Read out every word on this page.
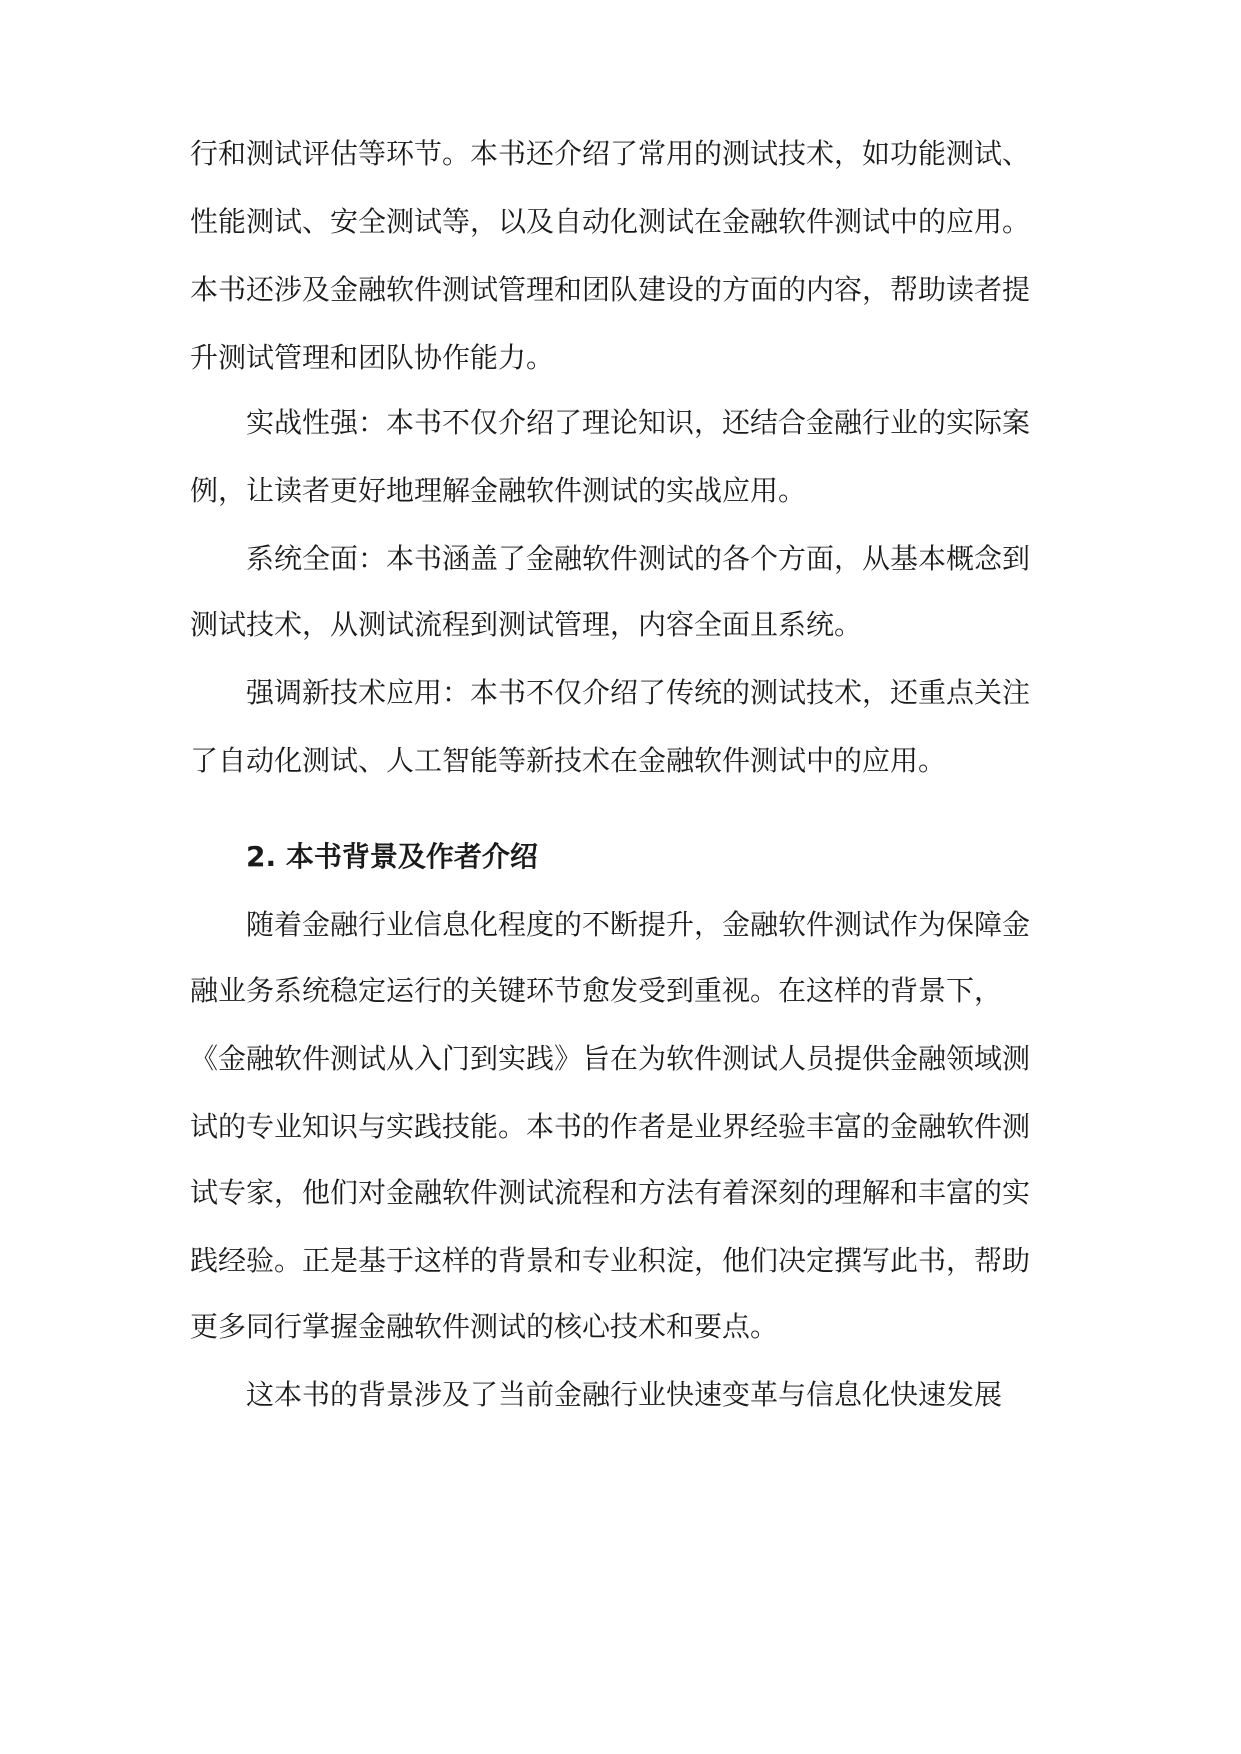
行和测试评估等环节。本书还介绍了常用的测试技术，如功能测试、
性能测试、安全测试等，以及自动化测试在金融软件测试中的应用。
本书还涉及金融软件测试管理和团队建设的方面的内容，帮助读者提
升测试管理和团队协作能力。
实战性强：本书不仅介绍了理论知识，还结合金融行业的实际案
例，让读者更好地理解金融软件测试的实战应用。
系统全面：本书涵盖了金融软件测试的各个方面，从基本概念到
测试技术，从测试流程到测试管理，内容全面且系统。
强调新技术应用：本书不仅介绍了传统的测试技术，还重点关注
了自动化测试、人工智能等新技术在金融软件测试中的应用。
2. 本书背景及作者介绍
随着金融行业信息化程度的不断提升，金融软件测试作为保障金
融业务系统稳定运行的关键环节愈发受到重视。在这样的背景下，
《金融软件测试从入门到实践》旨在为软件测试人员提供金融领域测
试的专业知识与实践技能。本书的作者是业界经验丰富的金融软件测
试专家，他们对金融软件测试流程和方法有着深刻的理解和丰富的实
践经验。正是基于这样的背景和专业积淀，他们决定撰写此书，帮助
更多同行掌握金融软件测试的核心技术和要点。
这本书的背景涉及了当前金融行业快速变革与信息化快速发展
